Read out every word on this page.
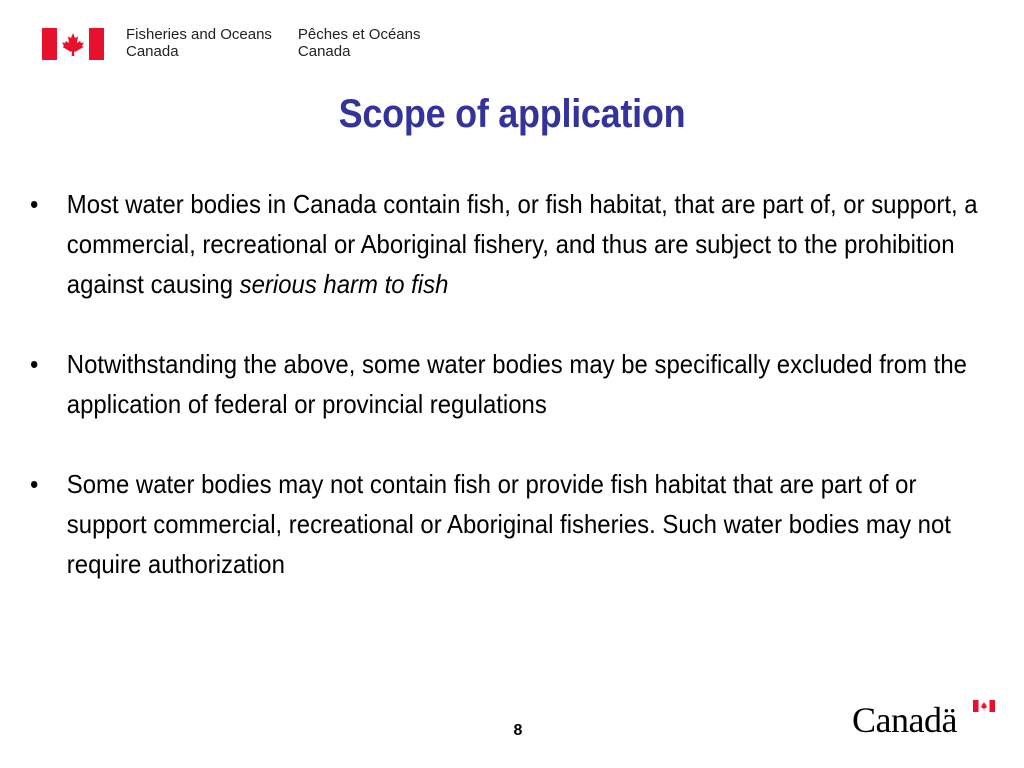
Fisheries and Oceans
Canada
Pêches et Océans
Canada
Scope of application
• Most water bodies in Canada contain fish, or fish habitat, that are part of, or support, a commercial, recreational or Aboriginal fishery, and thus are subject to the prohibition against causing serious harm to fish
• Notwithstanding the above, some water bodies may be specifically excluded from the application of federal or provincial regulations
• Some water bodies may not contain fish or provide fish habitat that are part of or support commercial, recreational or Aboriginal fisheries. Such water bodies may not require authorization
8	Canadä
